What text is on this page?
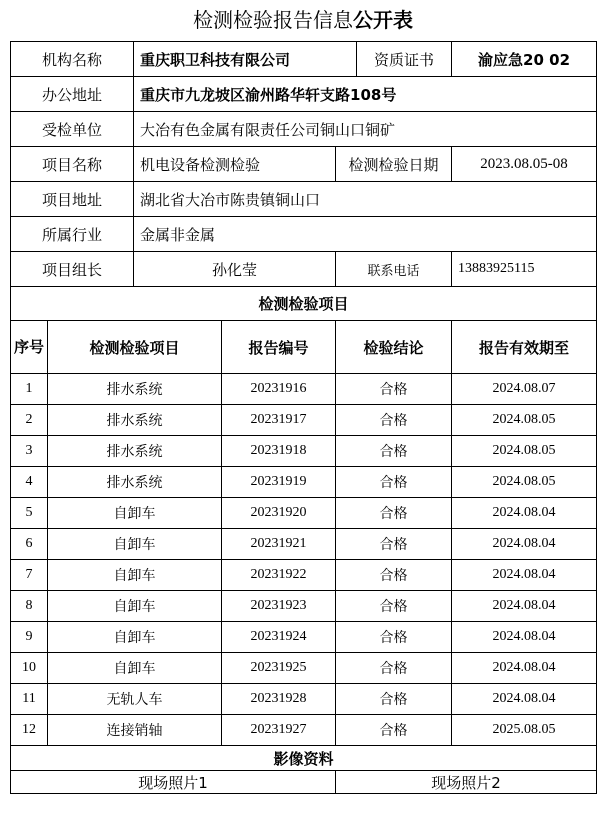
检测检验报告信息公开表
机构名称		重庆职卫科技有限公司			资质证书	渝应急20 02
办公地址		重庆市九龙坡区渝州路华轩支路108号				
受检单位		大冶有色金属有限责任公司铜山口铜矿				
项目名称		机电设备检测检验		检测检验日期		2023.08.05-08
项目地址		湖北省大冶市陈贵镇铜山口				
所属行业		金属非金属				
项目组长		孙化莹		联系电话		13883925115
检测检验项目						
序号	检测检验项目		报告编号	检验结论		报告有效期至
1	排水系统		20231916	合格		2024.08.07
2	排水系统		20231917	合格		2024.08.05
3	排水系统		20231918	合格		2024.08.05
4	排水系统		20231919	合格		2024.08.05
5	自卸车		20231920	合格		2024.08.04
6	自卸车		20231921	合格		2024.08.04
7	自卸车		20231922	合格		2024.08.04
8	自卸车		20231923	合格		2024.08.04
9	自卸车		20231924	合格		2024.08.04
10	自卸车		20231925	合格		2024.08.04
11	无轨人车		20231928	合格		2024.08.04
12	连接销轴		20231927	合格		2025.08.05
影像资料						
现场照片1				现场照片2		
